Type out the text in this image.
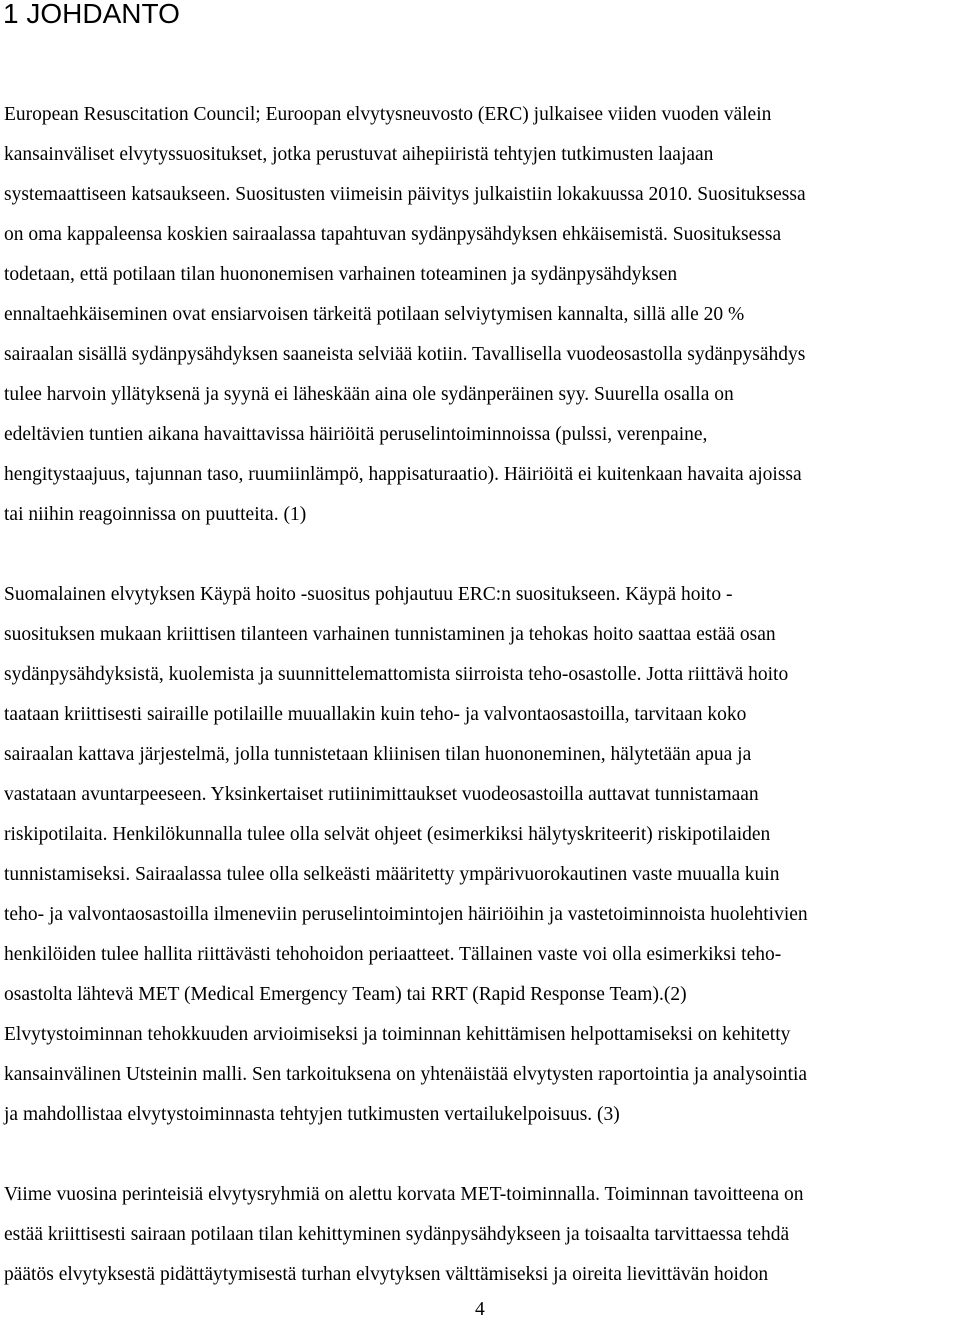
1 JOHDANTO

European Resuscitation Council; Euroopan elvytysneuvosto (ERC) julkaisee viiden vuoden välein
kansainväliset elvytyssuositukset, jotka perustuvat aihepiiristä tehtyjen tutkimusten laajaan
systemaattiseen katsaukseen. Suositusten viimeisin päivitys julkaistiin lokakuussa 2010. Suosituksessa
on oma kappaleensa koskien sairaalassa tapahtuvan sydänpysähdyksen ehkäisemistä. Suosituksessa
todetaan, että potilaan tilan huononemisen varhainen toteaminen ja sydänpysähdyksen
ennaltaehkäiseminen ovat ensiarvoisen tärkeitä potilaan selviytymisen kannalta, sillä alle 20 %
sairaalan sisällä sydänpysähdyksen saaneista selviää kotiin. Tavallisella vuodeosastolla sydänpysähdys
tulee harvoin yllätyksenä ja syynä ei läheskään aina ole sydänperäinen syy. Suurella osalla on
edeltävien tuntien aikana havaittavissa häiriöitä peruselintoiminnoissa (pulssi, verenpaine,
hengitystaajuus, tajunnan taso, ruumiinlämpö, happisaturaatio). Häiriöitä ei kuitenkaan havaita ajoissa
tai niihin reagoinnissa on puutteita. (1)

Suomalainen elvytyksen Käypä hoito -suositus pohjautuu ERC:n suositukseen. Käypä hoito -
suosituksen mukaan kriittisen tilanteen varhainen tunnistaminen ja tehokas hoito saattaa estää osan
sydänpysähdyksistä, kuolemista ja suunnittelemattomista siirroista teho-osastolle. Jotta riittävä hoito
taataan kriittisesti sairaille potilaille muuallakin kuin teho- ja valvontaosastoilla, tarvitaan koko
sairaalan kattava järjestelmä, jolla tunnistetaan kliinisen tilan huononeminen, hälytetään apua ja
vastataan avuntarpeeseen. Yksinkertaiset rutiinimittaukset vuodeosastoilla auttavat tunnistamaan
riskipotilaita. Henkilökunnalla tulee olla selvät ohjeet (esimerkiksi hälytyskriteerit) riskipotilaiden
tunnistamiseksi. Sairaalassa tulee olla selkeästi määritetty ympärivuorokautinen vaste muualla kuin
teho- ja valvontaosastoilla ilmeneviin peruselintoimintojen häiriöihin ja vastetoiminnoista huolehtivien
henkilöiden tulee hallita riittävästi tehohoidon periaatteet. Tällainen vaste voi olla esimerkiksi teho-
osastolta lähtevä MET (Medical Emergency Team) tai RRT (Rapid Response Team).(2)
Elvytystoiminnan tehokkuuden arvioimiseksi ja toiminnan kehittämisen helpottamiseksi on kehitetty
kansainvälinen Utsteinin malli. Sen tarkoituksena on yhtenäistää elvytysten raportointia ja analysointia
ja mahdollistaa elvytystoiminnasta tehtyjen tutkimusten vertailukelpoisuus. (3)

Viime vuosina perinteisiä elvytysryhmiä on alettu korvata MET-toiminnalla. Toiminnan tavoitteena on
estää kriittisesti sairaan potilaan tilan kehittyminen sydänpysähdykseen ja toisaalta tarvittaessa tehdä
päätös elvytyksestä pidättäytymisestä turhan elvytyksen välttämiseksi ja oireita lievittävän hoidon

4
